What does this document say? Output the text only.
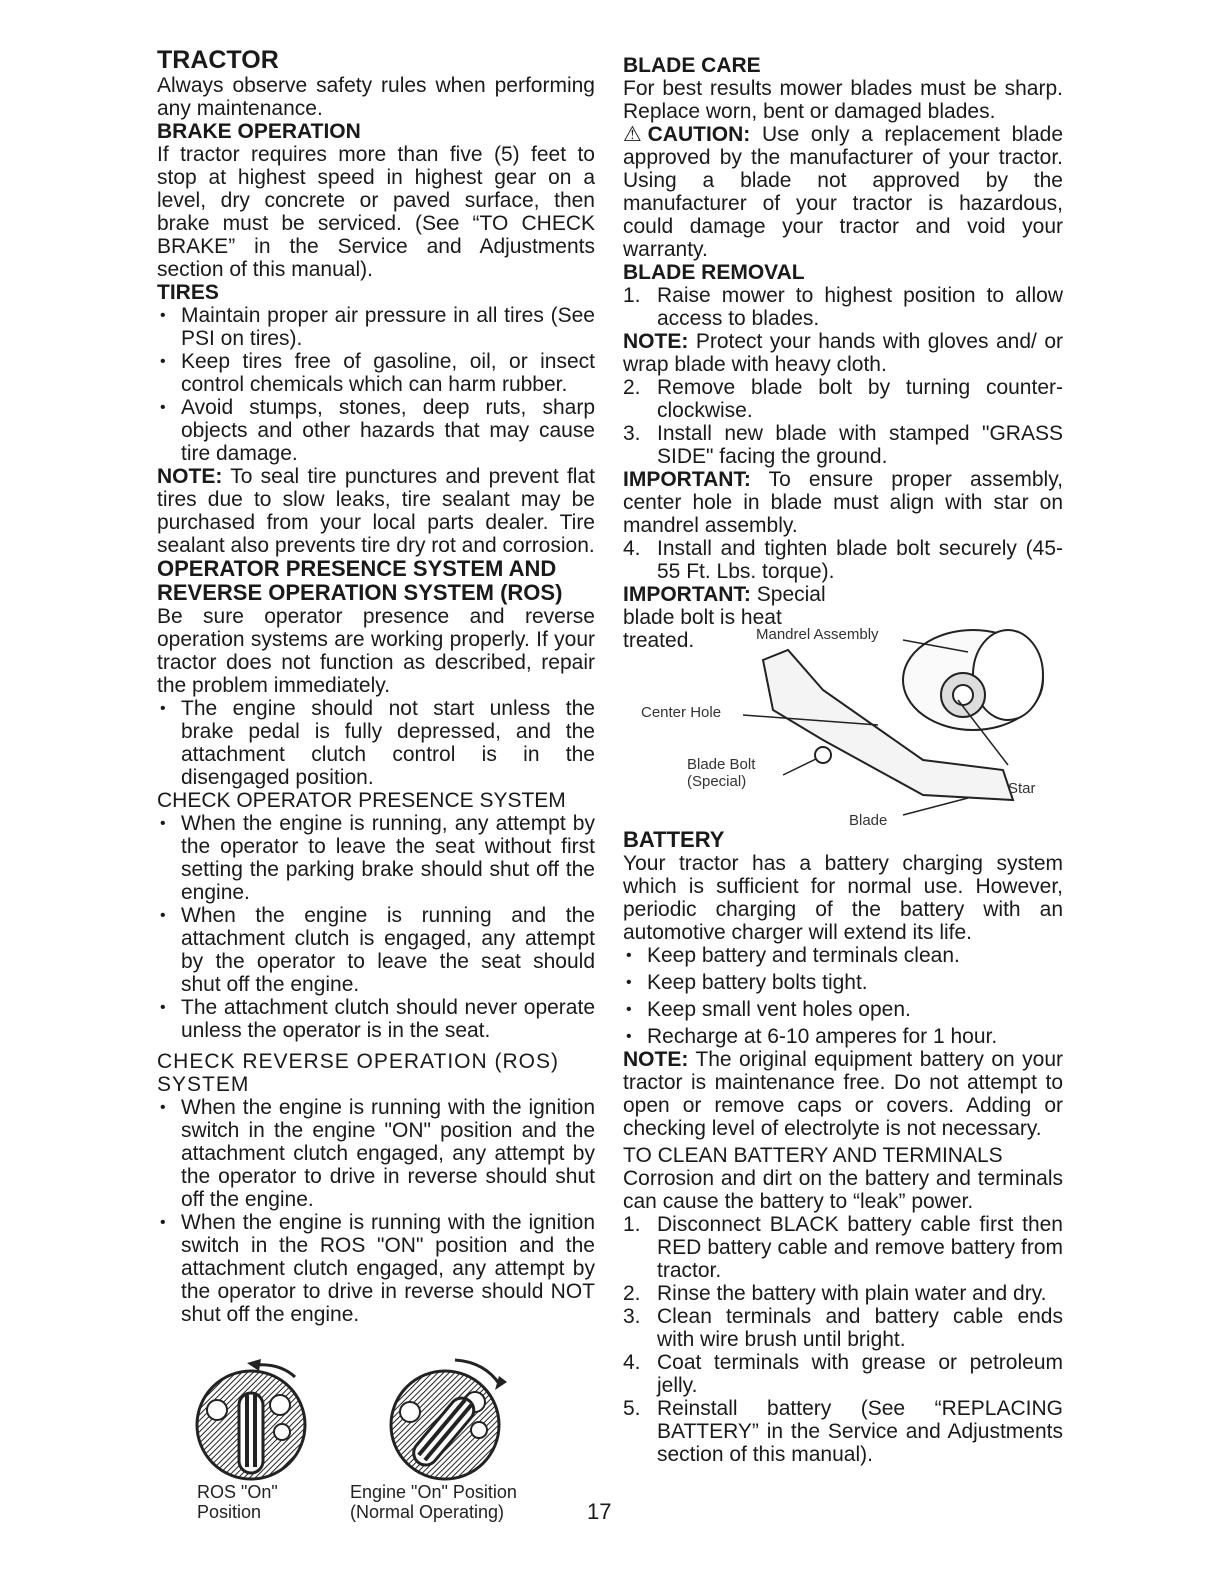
TRACTOR

Always observe safety rules when performing any maintenance.

BRAKE OPERATION

If tractor requires more than five (5) feet to stop at highest speed in highest gear on a level, dry concrete or paved surface, then brake must be serviced. (See “TO CHECK BRAKE” in the Service and Adjustments section of this manual).

TIRES
• Maintain proper air pressure in all tires (See PSI on tires).
• Keep tires free of gasoline, oil, or insect control chemicals which can harm rubber.
• Avoid stumps, stones, deep ruts, sharp objects and other hazards that may cause tire damage.

NOTE: To seal tire punctures and prevent flat tires due to slow leaks, tire sealant may be purchased from your local parts dealer. Tire sealant also prevents tire dry rot and corrosion.

OPERATOR PRESENCE SYSTEM AND REVERSE OPERATION SYSTEM (ROS)

Be sure operator presence and reverse operation systems are working properly. If your tractor does not function as described, repair the problem immediately.

• The engine should not start unless the brake pedal is fully depressed, and the attachment clutch control is in the disengaged position.
CHECK OPERATOR PRESENCE SYSTEM
• When the engine is running, any attempt by the operator to leave the seat without first setting the parking brake should shut off the engine.
• When the engine is running and the attachment clutch is engaged, any attempt by the operator to leave the seat should shut off the engine.
• The attachment clutch should never operate unless the operator is in the seat.
CHECK REVERSE OPERATION (ROS) SYSTEM
• When the engine is running with the ignition switch in the engine "ON" position and the attachment clutch engaged, any attempt by the operator to drive in reverse should shut off the engine.
• When the engine is running with the ignition switch in the ROS "ON" position and the attachment clutch engaged, any attempt by the operator to drive in reverse should NOT shut off the engine.
ROS "On"
Position
Engine "On" Position
(Normal Operating)	17
BLADE CARE

For best results mower blades must be sharp. Replace worn, bent or damaged blades.

⚠CAUTION: Use only a replacement blade approved by the manufacturer of your tractor. Using a blade not approved by the manufacturer of your tractor is hazardous, could damage your tractor and void your warranty.

BLADE REMOVAL
1. Raise mower to highest position to allow access to blades.

NOTE: Protect your hands with gloves and/ or wrap blade with heavy cloth.

2. Remove blade bolt by turning counter-clockwise.
3. Install new blade with stamped "GRASS SIDE" facing the ground.

IMPORTANT: To ensure proper assembly, center hole in blade must align with star on mandrel assembly.

4. Install and tighten blade bolt securely (45-55 Ft. Lbs. torque).

IMPORTANT: Special blade bolt is heat treated.	Mandrel Assembly
Center Hole
Blade Bolt
(Special)
Blade
Star
BATTERY

Your tractor has a battery charging system which is sufficient for normal use. However, periodic charging of the battery with an automotive charger will extend its life.

• Keep battery and terminals clean.
• Keep battery bolts tight.
• Keep small vent holes open.
• Recharge at 6-10 amperes for 1 hour.

NOTE: The original equipment battery on your tractor is maintenance free. Do not attempt to open or remove caps or covers. Adding or checking level of electrolyte is not necessary.

TO CLEAN BATTERY AND TERMINALS

Corrosion and dirt on the battery and terminals can cause the battery to “leak” power.

1. Disconnect BLACK battery cable first then RED battery cable and remove battery from tractor.
2. Rinse the battery with plain water and dry.
3. Clean terminals and battery cable ends with wire brush until bright.
4. Coat terminals with grease or petroleum jelly.
5. Reinstall battery (See “REPLACING BATTERY” in the Service and Adjustments section of this manual).
